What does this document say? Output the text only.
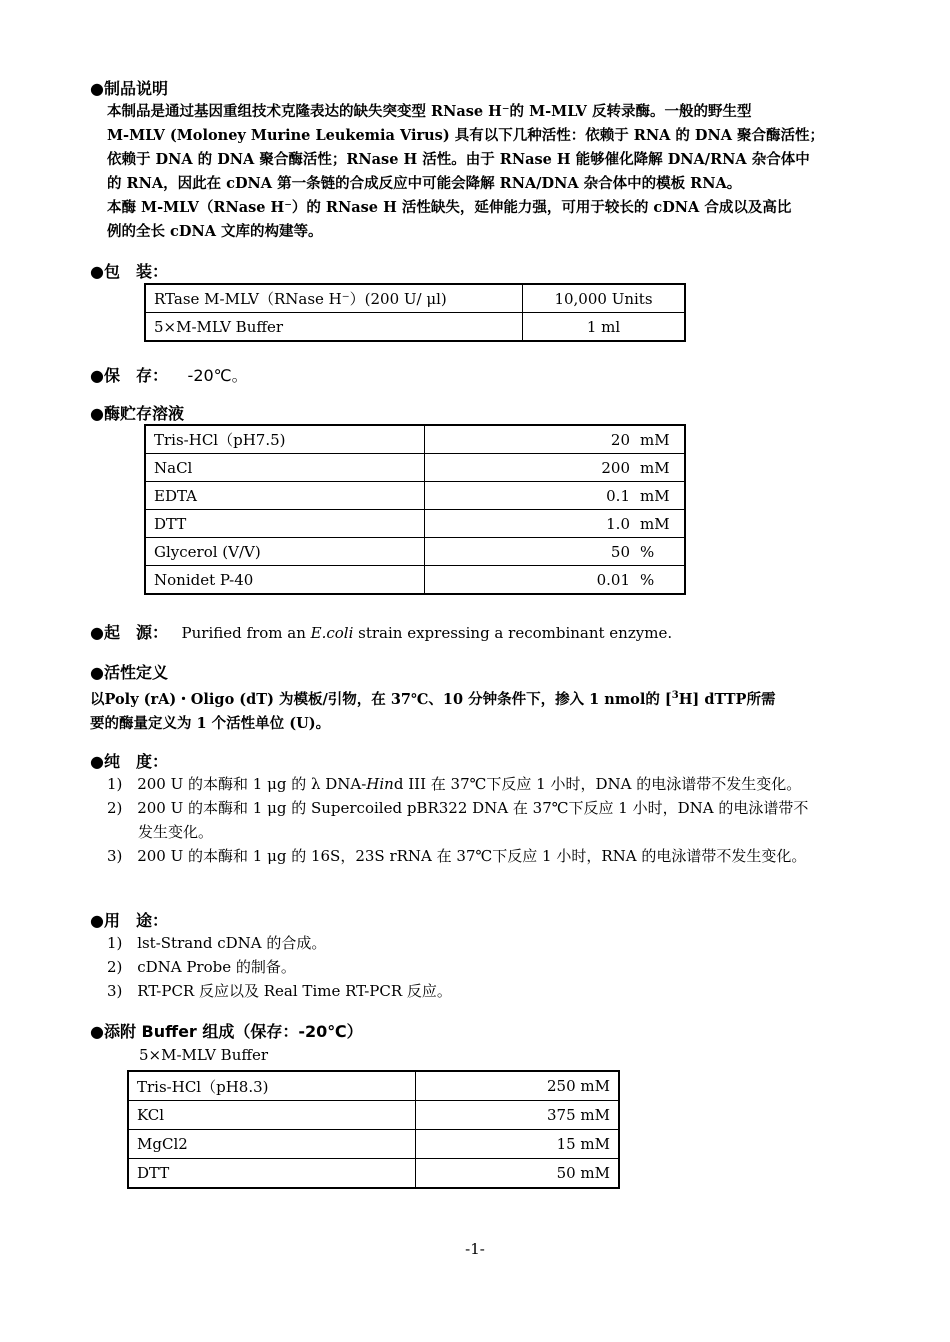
●制品说明
本制品是通过基因重组技术克隆表达的缺失突变型 RNase H⁻的 M-MLV 反转录酶。一般的野生型
M-MLV (Moloney Murine Leukemia Virus) 具有以下几种活性：依赖于 RNA 的 DNA 聚合酶活性；
依赖于 DNA 的 DNA 聚合酶活性；RNase H 活性。由于 RNase H 能够催化降解 DNA/RNA 杂合体中
的 RNA，因此在 cDNA 第一条链的合成反应中可能会降解 RNA/DNA 杂合体中的模板 RNA。
本酶 M-MLV（RNase H⁻）的 RNase H 活性缺失，延伸能力强，可用于较长的 cDNA 合成以及高比
例的全长 cDNA 文库的构建等。
●包　装：
RTase M-MLV（RNase H⁻）(200 U/ μl)	10,000 Units
5×M-MLV Buffer	1 ml
●保　存： -20℃。
●酶贮存溶液
Tris-HCl（pH7.5)	20 mM
NaCl	200 mM
EDTA	0.1 mM
DTT	1.0 mM
Glycerol (V/V)	50 %
Nonidet P-40	0.01 %
●起　源： Purified from an E.coli strain expressing a recombinant enzyme.
●活性定义
以Poly (rA)・Oligo (dT) 为模板/引物，在 37℃、10 分钟条件下，掺入 1 nmol的 [$^3$H] dTTP所需
要的酶量定义为 1 个活性单位 (U)。
●纯　度：
1) 200 U 的本酶和 1 μg 的 λ DNA-Hind III 在 37℃下反应 1 小时，DNA 的电泳谱带不发生变化。
2) 200 U 的本酶和 1 μg 的 Supercoiled pBR322 DNA 在 37℃下反应 1 小时，DNA 的电泳谱带不
发生变化。
3) 200 U 的本酶和 1 μg 的 16S，23S rRNA 在 37℃下反应 1 小时，RNA 的电泳谱带不发生变化。
●用　途：
1) lst-Strand cDNA 的合成。
2) cDNA Probe 的制备。
3) RT-PCR 反应以及 Real Time RT-PCR 反应。
●添附 Buffer 组成（保存：-20℃）
5×M-MLV Buffer
Tris-HCl（pH8.3)	250 mM
KCl	375 mM
MgCl2	15 mM
DTT	50 mM
-1-
